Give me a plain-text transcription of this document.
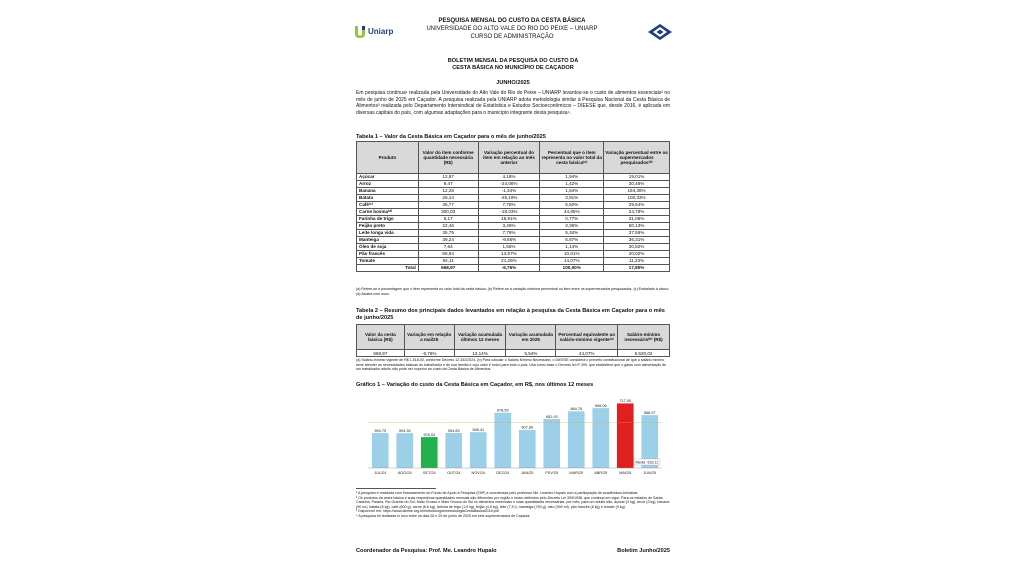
Uniarp
PESQUISA MENSAL DO CUSTO DA CESTA BÁSICA
UNIVERSIDADE DO ALTO VALE DO RIO DO PEIXE – UNIARP
CURSO DE ADMINISTRAÇÃO
BOLETIM MENSAL DA PESQUISA DO CUSTO DA
CESTA BÁSICA NO MUNICÍPIO DE CAÇADOR
JUNHO/2025

Em pesquisa contínua¹ realizada pela Universidade do Alto Vale do Rio do Peixe – UNIARP levantou-se o custo de alimentos essenciais² no mês de junho de 2025 em Caçador. A pesquisa realizada pela UNIARP adota metodologia similar à Pesquisa Nacional da Cesta Básica de Alimentos³ realizada pelo Departamento Intersindical de Estatística e Estudos Socioeconômicos – DIEESE que, desde 2016, é aplicada em diversas capitais do país, com algumas adaptações para o município integrante desta pesquisa⁴.

Tabela 1 – Valor da Cesta Básica em Caçador para o mês de junho/2025
Produto	Valor do item conforme quantidade necessária (R$)	Variação percentual do item em relação ao mês anterior	Percentual que o item representa no valor total da cesta básica⁽ᵃ⁾	Variação percentual entre os supermercados pesquisados⁽ᵇ⁾
Açúcar	12,97	4,18%	1,94%	19,01%
Arroz	9,47	-24,06%	1,42%	30,46%
Banana	12,28	-1,34%	1,84%	154,36%
Batata	26,14	-25,19%	3,91%	100,33%
Café⁽ᶜ⁾	36,77	7,75%	5,50%	29,64%
Carne bovina⁽ᵈ⁾	300,03	-18,03%	44,85%	24,78%
Farinha de trigo	5,17	18,91%	0,77%	31,06%
Feijão preto	22,46	3,46%	3,36%	50,13%
Leite longa vida	35,75	7,76%	5,34%	37,59%
Manteiga	39,24	-9,65%	5,87%	36,31%
Óleo de soja	7,64	1,55%	1,14%	30,82%
Pão francês	66,94	13,57%	10,01%	20,02%
Tomate	94,11	21,26%	14,07%	11,23%
Total	668,97	-6,76%	100,00%	17,80%

(a) Refere-se à porcentagem que o item representa no valor total da cesta básica. (b) Refere-se à variação máxima percentual no item entre os supermercados pesquisados. (c) Embalado à vácuo. (d) Alcatra com osso.

Tabela 2 – Resumo dos principais dados levantados em relação à pesquisa da Cesta Básica em Caçador para o mês de junho/2025
Valor da cesta básica (R$)	Variação em relação a mai/25	Variação acumulada últimos 12 meses	Variação acumulada em 2025	Percentual equivalente ao salário-mínimo vigente⁽ᵃ⁾	Salário-mínimo necessário⁽ᵇ⁾ (R$)
668,97	-6,76%	13,14%	5,54%	44,07%	5.620,02

(a) Salário-mínimo vigente de R$ 1.518,00, conforme Decreto 12.342/2024. (b) Para calcular o Salário Mínimo Necessário, o DIEESE considera o preceito constitucional de que o salário mínimo deve atender as necessidades básicas do trabalhador e de sua família e cujo valor é único para todo o país. Usa como base o Decreto lei nº 399, que estabelece que o gasto com alimentação de um trabalhador adulto não pode ser superior ao custo da Cesta Básica de Alimentos.

Gráfico 1 – Variação do custo da Cesta Básica em Caçador, em R$, nos últimos 12 meses
594,75
JUL/24
594,35
AGO/24
578,04
SET/24
594,83
OUT/24
598,41
NOV/24
678,59
DEZ/24
607,66
JAN/25
652,93
FEV/25
684,76
MAR/25
698,06
ABR/25
717,50
MAI/25
668,97
JUN/25
Média 639,12

¹ A pesquisa é realizada com financiamento do Fundo de Apoio à Pesquisa (FAP) e coordenada pelo professor Me. Leandro Hupalo com a participação de acadêmicos-bolsistas.

² Os produtos da cesta básica e suas respectivas quantidades mensais são diferentes por região e foram definidos pelo Decreto Lei 399/1938, que continua em vigor. Para os estados de Santa Catarina, Paraná, Rio Grande do Sul, Mato Grosso e Mato Grosso do Sul os alimentos essenciais e suas quantidades necessárias, por mês, para um adulto são: açúcar (3 kg), arroz (3 kg), banana (90 un), batata (6 kg), café (600 g), carne (6,6 kg), farinha de trigo (1,5 kg), feijão (4,5 kg), leite (7,5 l), manteiga (750 g), óleo (900 ml), pão francês (6 kg) e tomate (9 kg).

³ Disponível em: https://www.dieese.org.br/metodologia/metodologiaCestaBasica2016.pdf

⁴ A pesquisa foi realizada in loco entre os dias 26 e 29 de junho de 2025 em seis supermercados de Caçador.

Coordenador da Pesquisa: Prof. Me. Leandro Hupalo	Boletim Junho/2025
